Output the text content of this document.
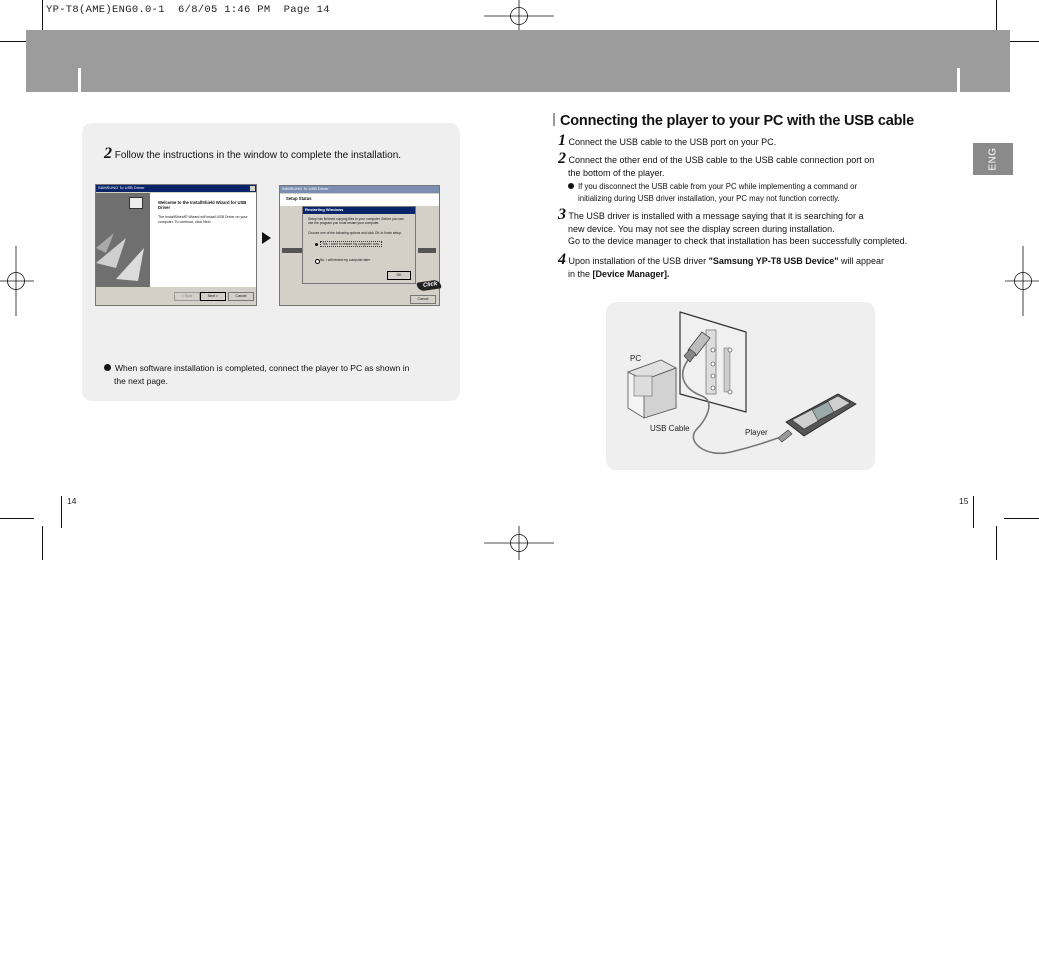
YP-T8(AME)ENG0.0-1  6/8/05 1:46 PM  Page 14
2 Follow the instructions in the window to complete the installation.
SAMSUNG To USB Driver
Welcome to the InstallShield Wizard for USB Driver
The InstallShield® Wizard will install USB Driver on your computer. To continue, click Next.
< Back	Next >	Cancel
SAMSUNG To USB Driver
Setup Status
Restarting Windows
Setup has finished copying files to your computer. Before you can use the program you must restart your computer.
Choose one of the following options and click OK to finish setup.
Yes, I want to restart my computer now.
No, I will restart my computer later.
OK
Click
Cancel
When software installation is completed, connect the player to PC as shown in
the next page.
14
Connecting the player to your PC with the USB cable
ENG
1 Connect the USB cable to the USB port on your PC.
2 Connect the other end of the USB cable to the USB cable connection port on
the bottom of the player.
If you disconnect the USB cable from your PC while implementing a command or
initializing during USB driver installation, your PC may not function correctly.
3 The USB driver is installed with a message saying that it is searching for a
new device. You may not see the display screen during installation.
Go to the device manager to check that installation has been successfully completed.
4 Upon installation of the USB driver "Samsung YP-T8 USB Device" will appear
in the [Device Manager].
PC
USB Cable	Player
15
